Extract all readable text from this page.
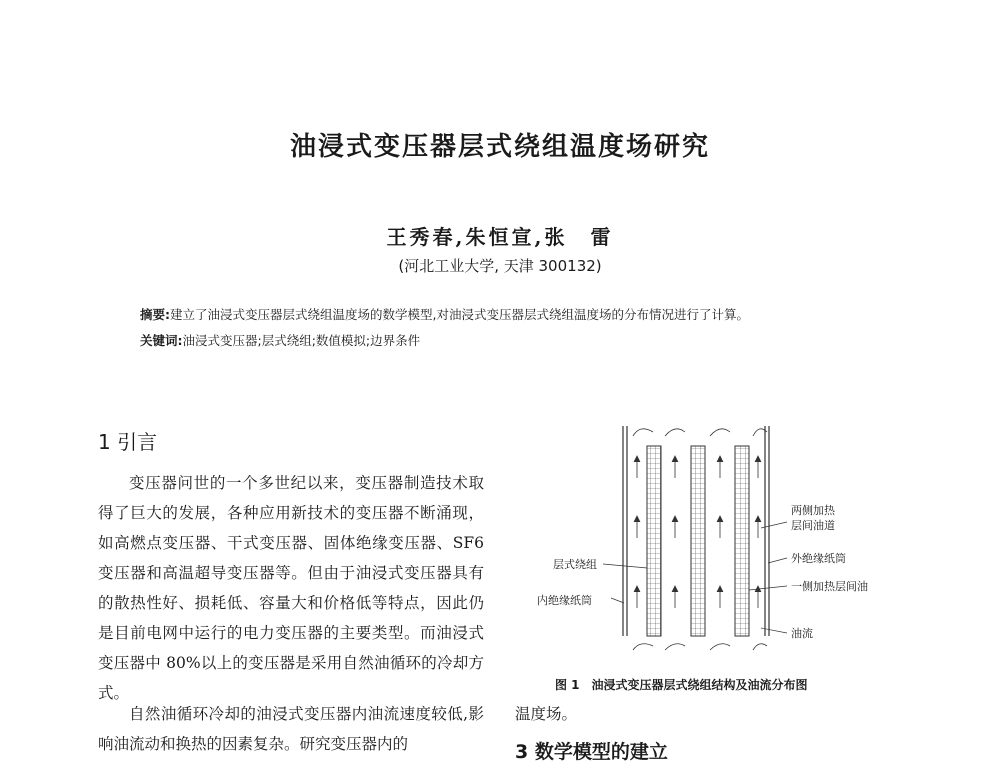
油浸式变压器层式绕组温度场研究
王秀春,朱恒宣,张　雷
(河北工业大学, 天津 300132)
摘要:建立了油浸式变压器层式绕组温度场的数学模型,对油浸式变压器层式绕组温度场的分布情况进行了计算。
关键词:油浸式变压器;层式绕组;数值模拟;边界条件
1 引言
变压器问世的一个多世纪以来，变压器制造技术取得了巨大的发展，各种应用新技术的变压器不断涌现，如高燃点变压器、干式变压器、固体绝缘变压器、SF6 变压器和高温超导变压器等。但由于油浸式变压器具有的散热性好、损耗低、容量大和价格低等特点，因此仍是目前电网中运行的电力变压器的主要类型。而油浸式变压器中 80%以上的变压器是采用自然油循环的冷却方式。
自然油循环冷却的油浸式变压器内油流速度较低,影响油流动和换热的因素复杂。研究变压器内的
层式绕组
内绝缘纸筒
两侧加热
层间油道
外绝缘纸筒
一侧加热层间油
油流
图 1　油浸式变压器层式绕组结构及油流分布图
温度场。
3 数学模型的建立
